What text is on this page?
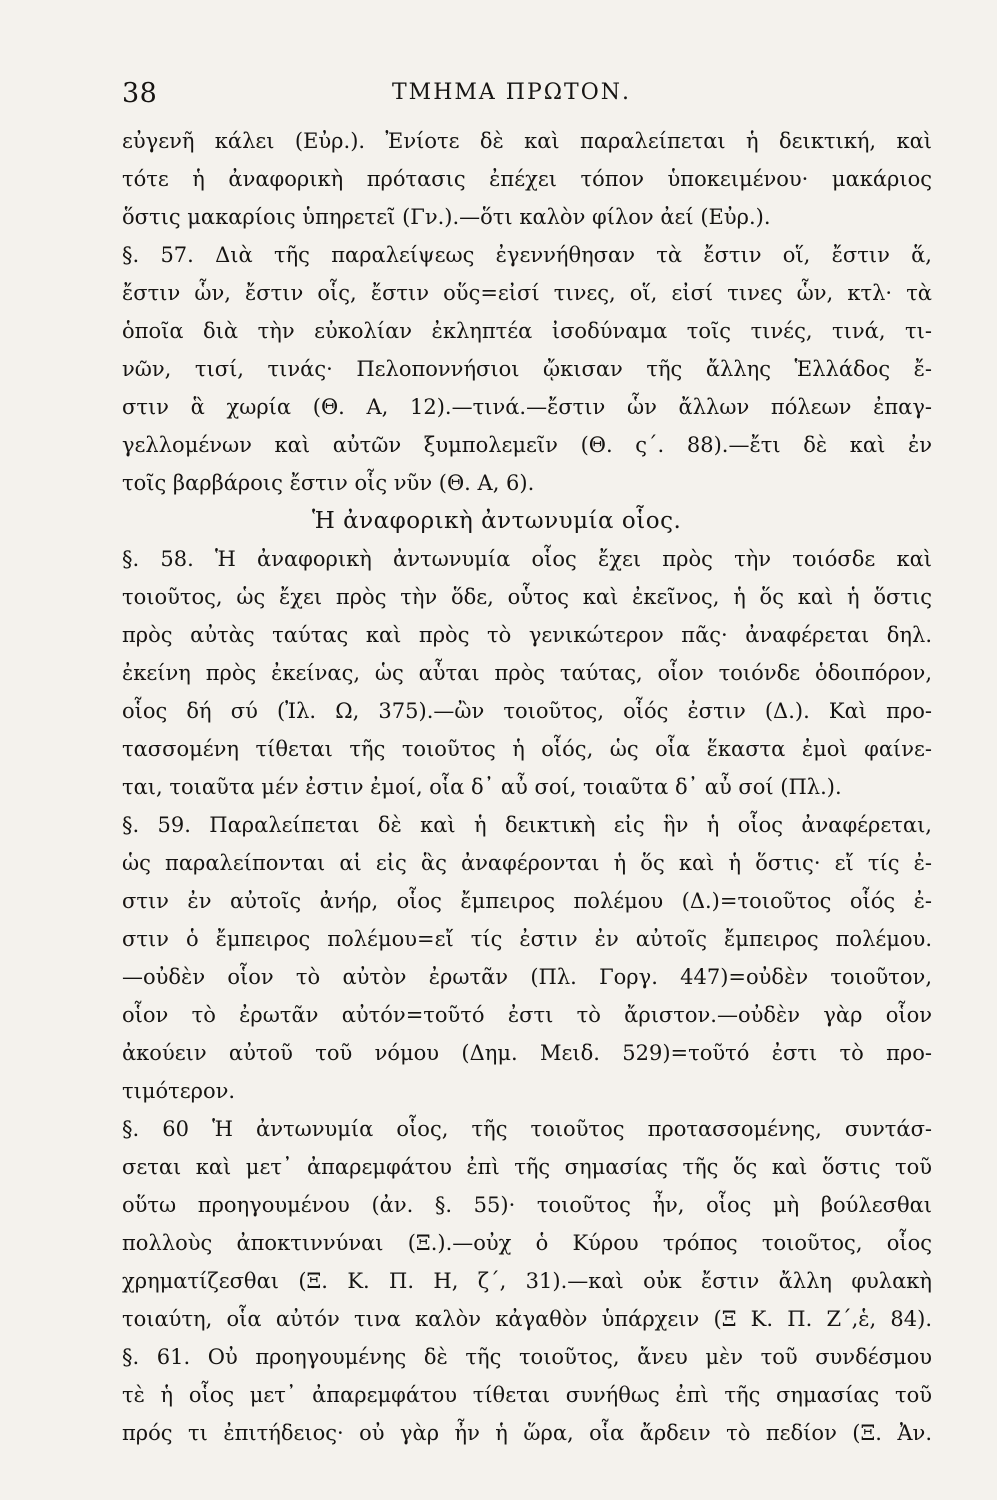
38	ΤΜΗΜΑ ΠΡΩΤΟΝ.
εὐγενῆ κάλει (Εὐρ.). Ἐνίοτε δὲ καὶ παραλείπεται ἡ δεικτική, καὶ
τότε ἡ ἀναφορικὴ πρότασις ἐπέχει τόπον ὑποκειμένου· μακάριος
ὅστις μακαρίοις ὑπηρετεῖ (Γν.).—ὅτι καλὸν φίλον ἀεί (Εὐρ.).
§. 57. Διὰ τῆς παραλείψεως ἐγεννήθησαν τὰ ἔστιν οἵ, ἔστιν ἅ,
ἔστιν ὧν, ἔστιν οἷς, ἔστιν οὕς=εἰσί τινες, οἵ, εἰσί τινες ὧν, κτλ· τὰ
ὁποῖα διὰ τὴν εὐκολίαν ἐκληπτέα ἰσοδύναμα τοῖς τινές, τινά, τι-
νῶν, τισί, τινάς· Πελοποννήσιοι ᾤκισαν τῆς ἄλλης Ἑλλάδος ἔ-
στιν ἃ χωρία (Θ. Α, 12).—τινά.—ἔστιν ὧν ἄλλων πόλεων ἐπαγ-
γελλομένων καὶ αὐτῶν ξυμπολεμεῖν (Θ. ς΄. 88).—ἔτι δὲ καὶ ἐν
τοῖς βαρβάροις ἔστιν οἷς νῦν (Θ. Α, 6).
Ἡ ἀναφορικὴ ἀντωνυμία οἷος.
§. 58. Ἡ ἀναφορικὴ ἀντωνυμία οἷος ἔχει πρὸς τὴν τοιόσδε καὶ
τοιοῦτος, ὡς ἔχει πρὸς τὴν ὅδε, οὗτος καὶ ἐκεῖνος, ἡ ὅς καὶ ἡ ὅστις
πρὸς αὐτὰς ταύτας καὶ πρὸς τὸ γενικώτερον πᾶς· ἀναφέρεται δηλ.
ἐκείνη πρὸς ἐκείνας, ὡς αὗται πρὸς ταύτας, οἷον τοιόνδε ὁδοιπόρον,
οἷος δή σύ (Ἰλ. Ω, 375).—ὢν τοιοῦτος, οἷός ἐστιν (Δ.). Καὶ προ-
τασσομένη τίθεται τῆς τοιοῦτος ἡ οἷός, ὡς οἷα ἕκαστα ἐμοὶ φαίνε-
ται, τοιαῦτα μέν ἐστιν ἐμοί, οἷα δ᾿ αὖ σοί, τοιαῦτα δ᾿ αὖ σοί (Πλ.).
§. 59. Παραλείπεται δὲ καὶ ἡ δεικτικὴ εἰς ἣν ἡ οἷος ἀναφέρεται,
ὡς παραλείπονται αἱ εἰς ἃς ἀναφέρονται ἡ ὅς καὶ ἡ ὅστις· εἴ τίς ἐ-
στιν ἐν αὐτοῖς ἀνήρ, οἷος ἔμπειρος πολέμου (Δ.)=τοιοῦτος οἷός ἐ-
στιν ὁ ἔμπειρος πολέμου=εἴ τίς ἐστιν ἐν αὐτοῖς ἔμπειρος πολέμου.
—οὐδὲν οἷον τὸ αὐτὸν ἐρωτᾶν (Πλ. Γοργ. 447)=οὐδὲν τοιοῦτον,
οἷον τὸ ἐρωτᾶν αὐτόν=τοῦτό ἐστι τὸ ἄριστον.—οὐδὲν γὰρ οἷον
ἀκούειν αὐτοῦ τοῦ νόμου (Δημ. Μειδ. 529)=τοῦτό ἐστι τὸ προ-
τιμότερον.
§. 60 Ἡ ἀντωνυμία οἷος, τῆς τοιοῦτος προτασσομένης, συντάσ-
σεται καὶ μετ᾿ ἀπαρεμφάτου ἐπὶ τῆς σημασίας τῆς ὅς καὶ ὅστις τοῦ
οὕτω προηγουμένου (ἀν. §. 55)· τοιοῦτος ἦν, οἷος μὴ βούλεσθαι
πολλοὺς ἀποκτιννύναι (Ξ.).—οὐχ ὁ Κύρου τρόπος τοιοῦτος, οἷος
χρηματίζεσθαι (Ξ. Κ. Π. Η, ζ΄, 31).—καὶ οὐκ ἔστιν ἄλλη φυλακὴ
τοιαύτη, οἷα αὐτόν τινα καλὸν κἀγαθὸν ὑπάρχειν (Ξ Κ. Π. Ζ΄,ἑ, 84).
§. 61. Οὐ προηγουμένης δὲ τῆς τοιοῦτος, ἄνευ μὲν τοῦ συνδέσμου
τὲ ἡ οἷος μετ᾿ ἀπαρεμφάτου τίθεται συνήθως ἐπὶ τῆς σημασίας τοῦ
πρός τι ἐπιτήδειος· οὐ γὰρ ἦν ἡ ὥρα, οἷα ἄρδειν τὸ πεδίον (Ξ. Ἀν.
